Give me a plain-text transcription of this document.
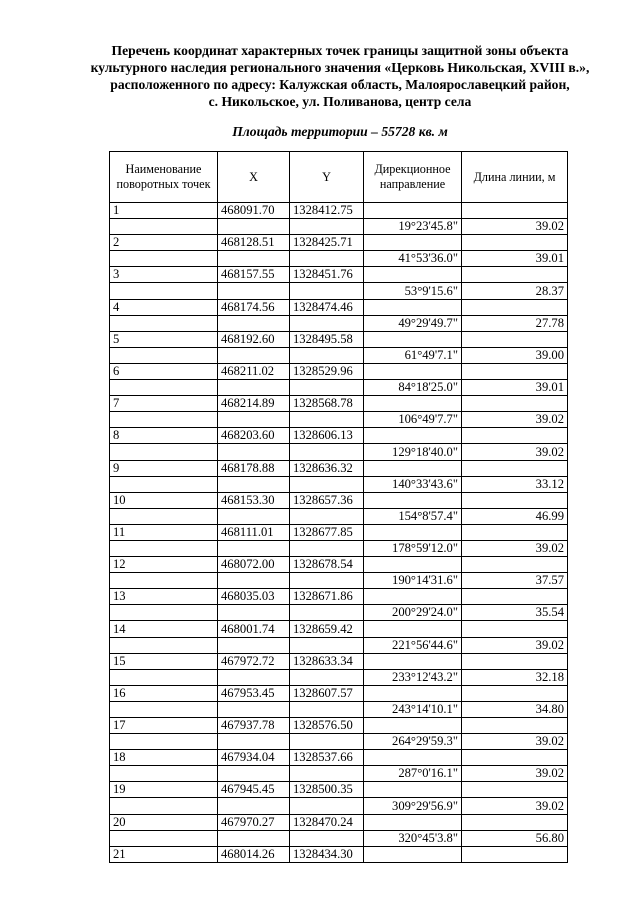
Перечень координат характерных точек границы защитной зоны объекта
культурного наследия регионального значения «Церковь Никольская, XVIII в.»,
расположенного по адресу: Калужская область, Малоярославецкий район,
с. Никольское, ул. Поливанова, центр села
Площадь территории – 55728 кв. м
Наименование поворотных точек	X	Y	Дирекционное направление	Длина линии, м
1	468091.70	1328412.75		
			19°23'45.8"	39.02
2	468128.51	1328425.71		
			41°53'36.0"	39.01
3	468157.55	1328451.76		
			53°9'15.6"	28.37
4	468174.56	1328474.46		
			49°29'49.7"	27.78
5	468192.60	1328495.58		
			61°49'7.1"	39.00
6	468211.02	1328529.96		
			84°18'25.0"	39.01
7	468214.89	1328568.78		
			106°49'7.7"	39.02
8	468203.60	1328606.13		
			129°18'40.0"	39.02
9	468178.88	1328636.32		
			140°33'43.6"	33.12
10	468153.30	1328657.36		
			154°8'57.4"	46.99
11	468111.01	1328677.85		
			178°59'12.0"	39.02
12	468072.00	1328678.54		
			190°14'31.6"	37.57
13	468035.03	1328671.86		
			200°29'24.0"	35.54
14	468001.74	1328659.42		
			221°56'44.6"	39.02
15	467972.72	1328633.34		
			233°12'43.2"	32.18
16	467953.45	1328607.57		
			243°14'10.1"	34.80
17	467937.78	1328576.50		
			264°29'59.3"	39.02
18	467934.04	1328537.66		
			287°0'16.1"	39.02
19	467945.45	1328500.35		
			309°29'56.9"	39.02
20	467970.27	1328470.24		
			320°45'3.8"	56.80
21	468014.26	1328434.30		
